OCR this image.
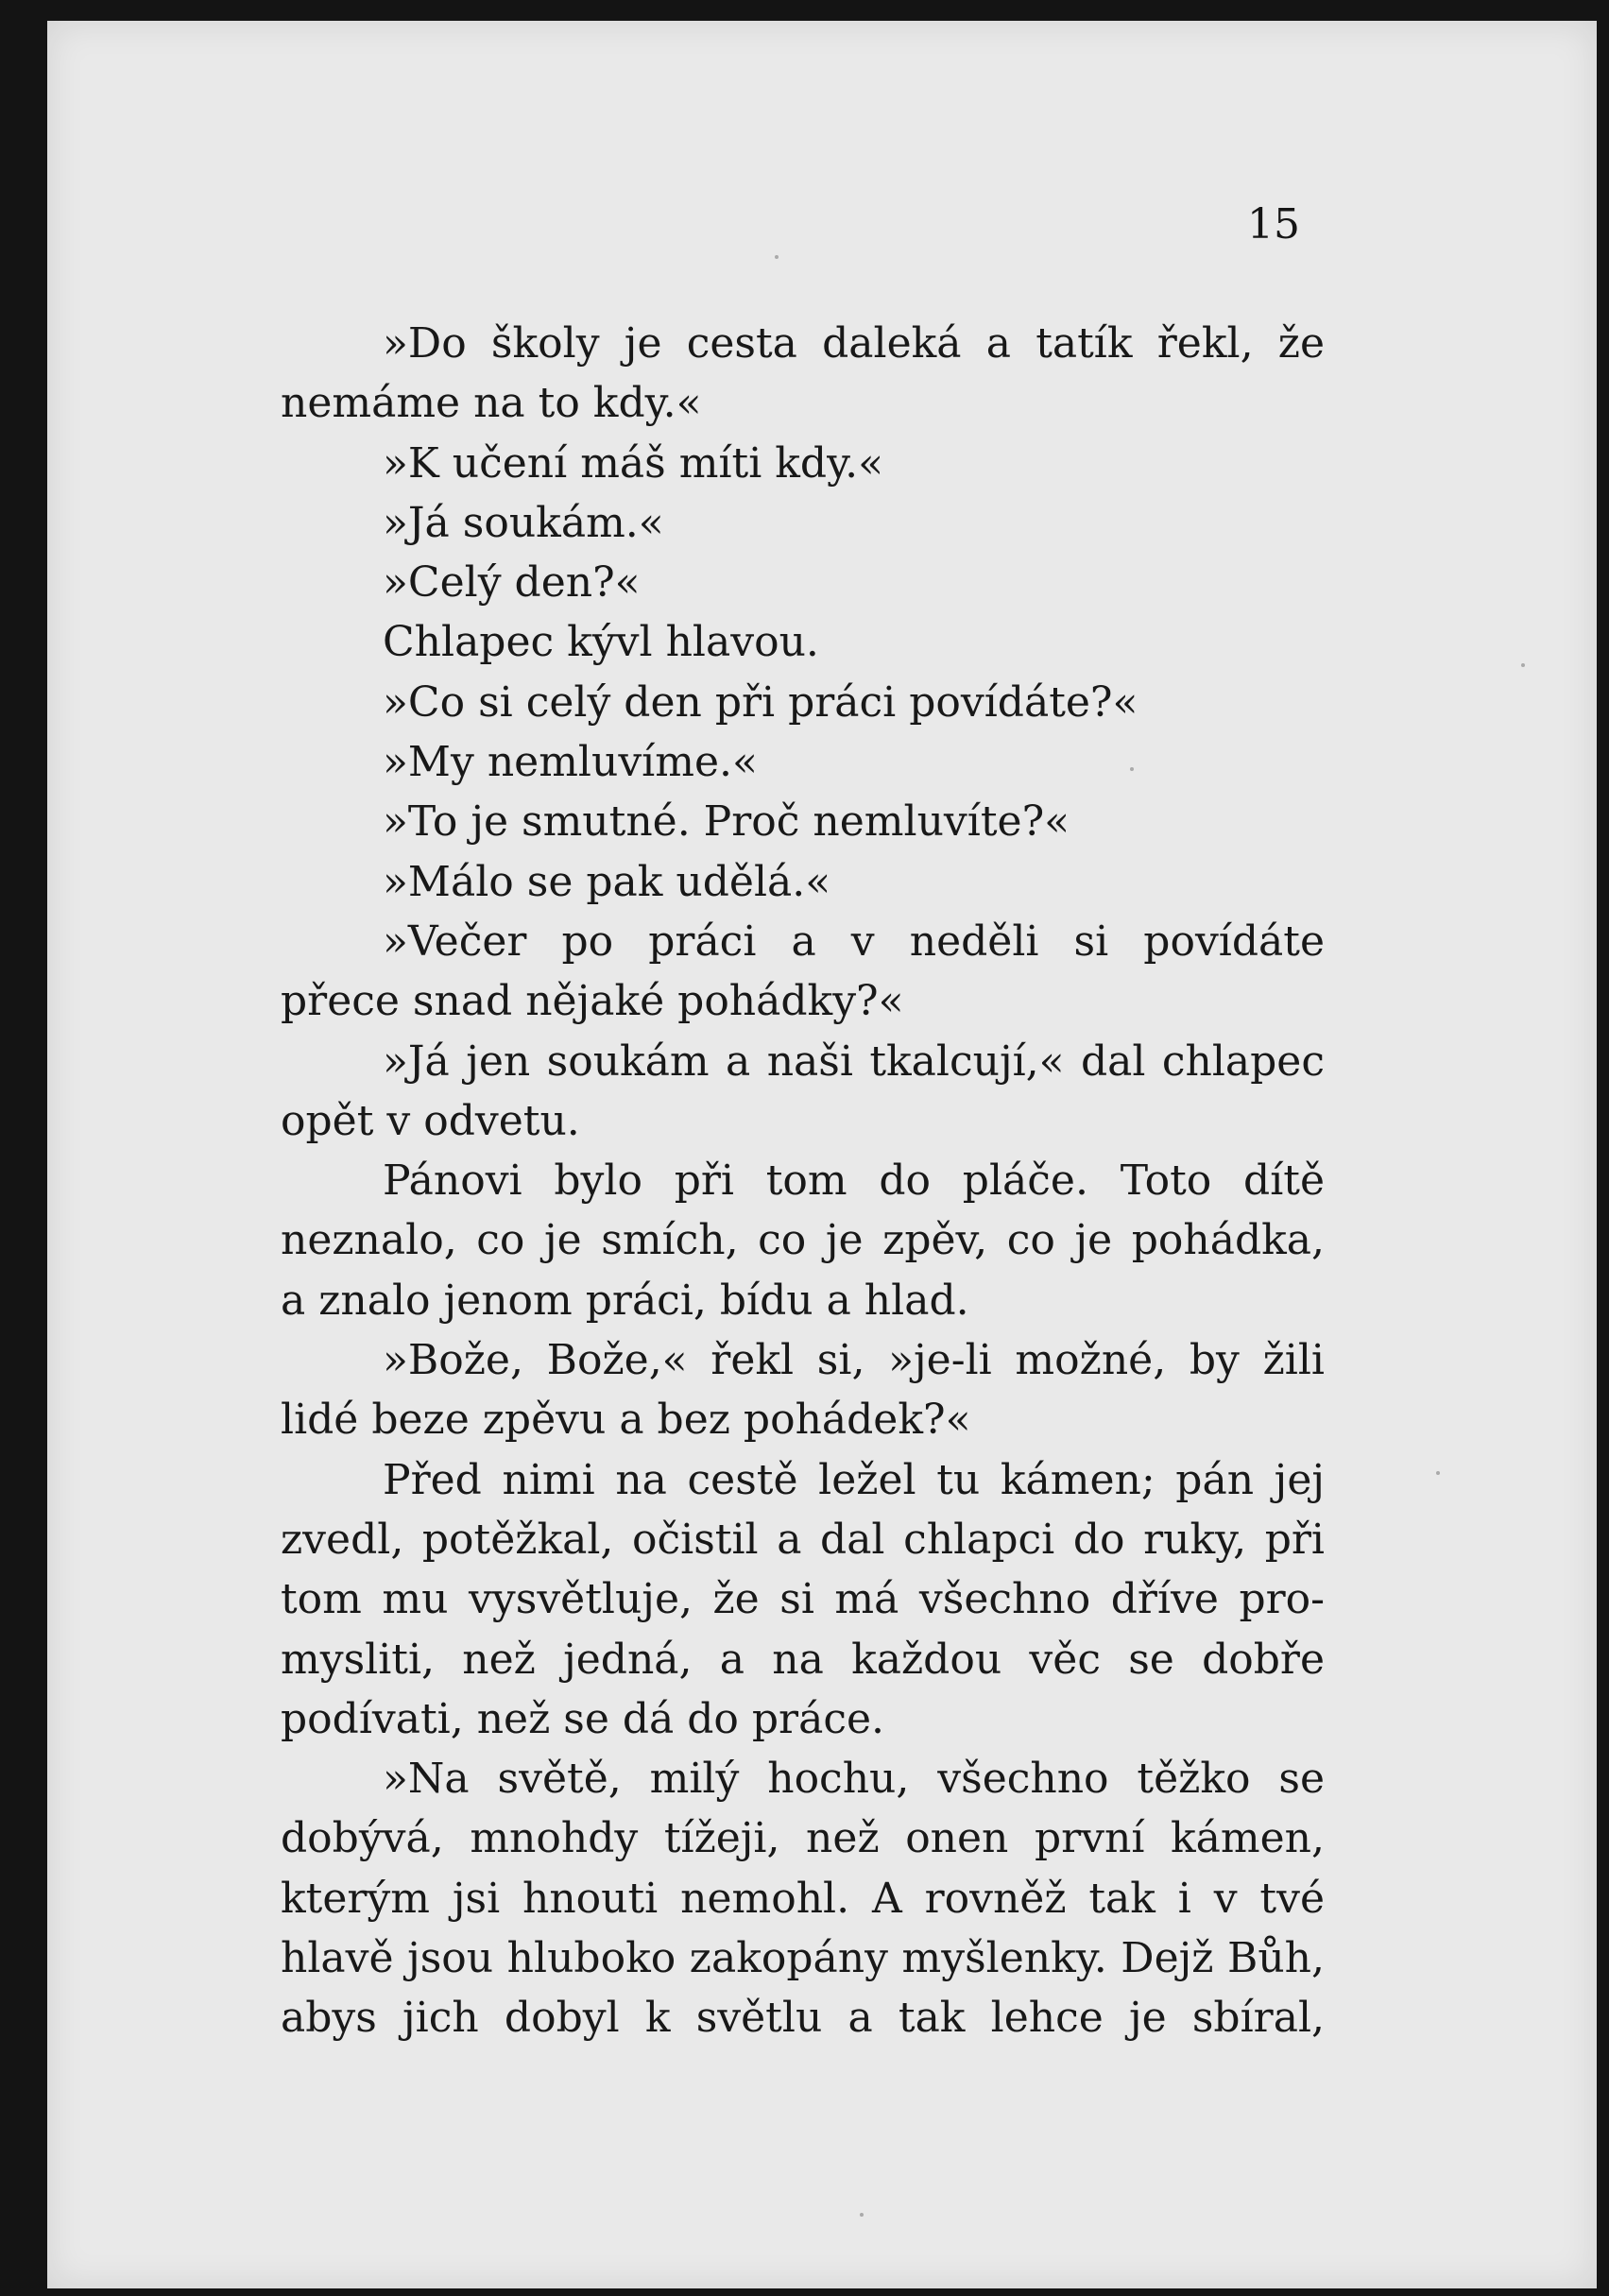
15
»Do školy je cesta daleká a tatík řekl, že
nemáme na to kdy.«
»K učení máš míti kdy.«
»Já soukám.«
»Celý den?«
Chlapec kývl hlavou.
»Co si celý den při práci povídáte?«
»My nemluvíme.«
»To je smutné. Proč nemluvíte?«
»Málo se pak udělá.«
»Večer po práci a v neděli si povídáte
přece snad nějaké pohádky?«
»Já jen soukám a naši tkalcují,« dal chlapec
opět v odvetu.
Pánovi bylo při tom do pláče. Toto dítě
neznalo, co je smích, co je zpěv, co je pohádka,
a znalo jenom práci, bídu a hlad.
»Bože, Bože,« řekl si, »je-li možné, by žili
lidé beze zpěvu a bez pohádek?«
Před nimi na cestě ležel tu kámen; pán jej
zvedl, potěžkal, očistil a dal chlapci do ruky, při
tom mu vysvětluje, že si má všechno dříve pro-
mysliti, než jedná, a na každou věc se dobře
podívati, než se dá do práce.
»Na světě, milý hochu, všechno těžko se
dobývá, mnohdy tížeji, než onen první kámen,
kterým jsi hnouti nemohl. A rovněž tak i v tvé
hlavě jsou hluboko zakopány myšlenky. Dejž Bůh,
abys jich dobyl k světlu a tak lehce je sbíral,
